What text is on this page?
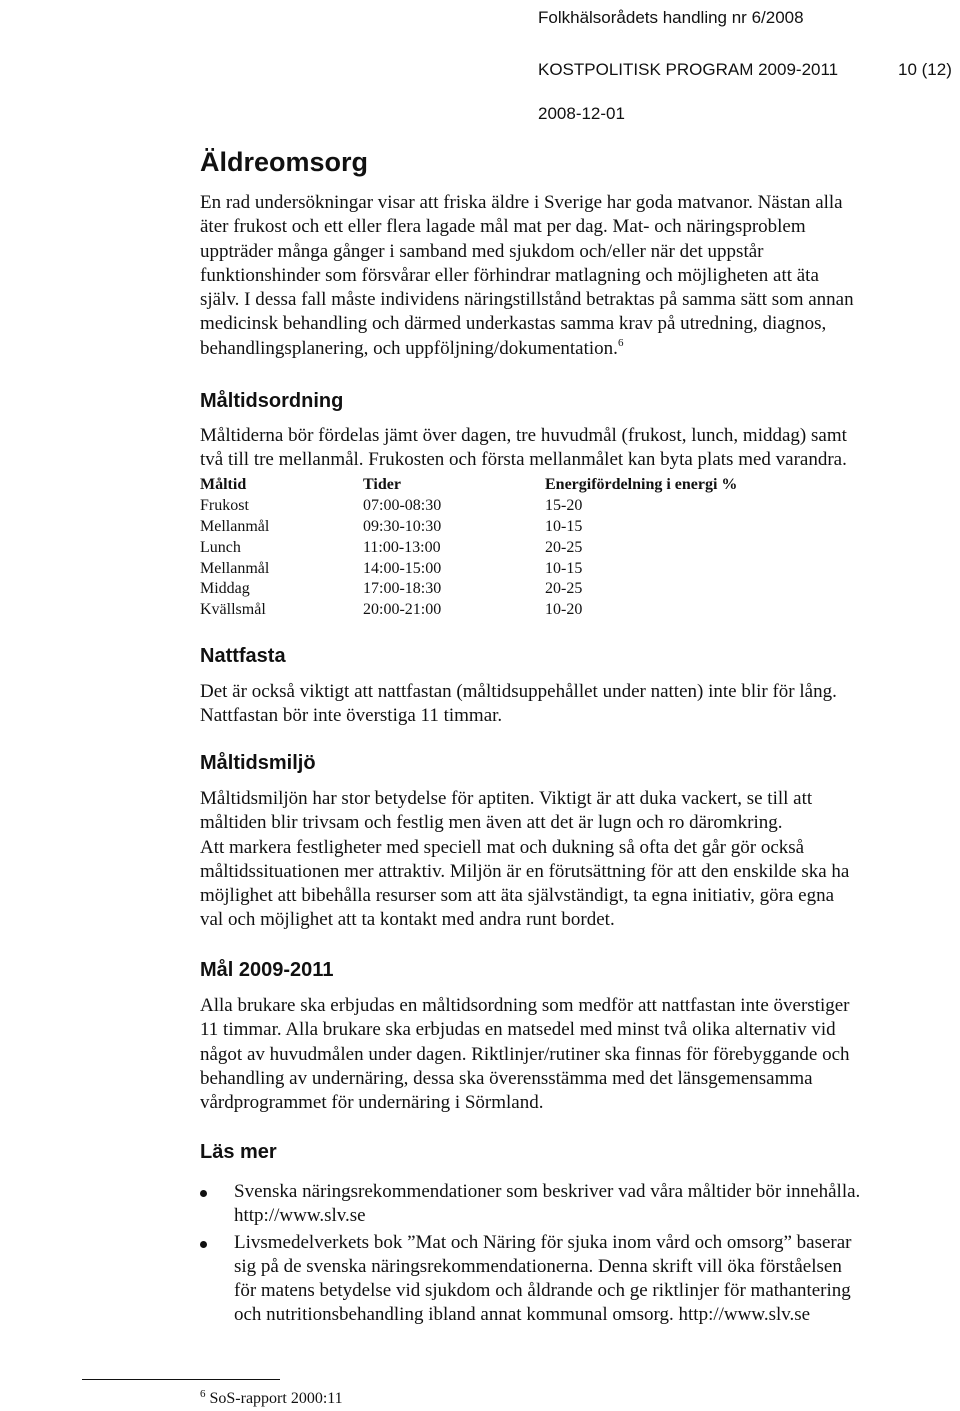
Folkhälsorådets handling nr 6/2008
KOSTPOLITISK PROGRAM 2009-2011	10 (12)
2008-12-01
Äldreomsorg
En rad undersökningar visar att friska äldre i Sverige har goda matvanor. Nästan alla
äter frukost och ett eller flera lagade mål mat per dag. Mat- och näringsproblem
uppträder många gånger i samband med sjukdom och/eller när det uppstår
funktionshinder som försvårar eller förhindrar matlagning och möjligheten att äta
själv. I dessa fall måste individens näringstillstånd betraktas på samma sätt som annan
medicinsk behandling och därmed underkastas samma krav på utredning, diagnos,
behandlingsplanering, och uppföljning/dokumentation.$^6$
Måltidsordning
Måltiderna bör fördelas jämt över dagen, tre huvudmål (frukost, lunch, middag) samt
två till tre mellanmål. Frukosten och första mellanmålet kan byta plats med varandra.
Måltid	Tider	Energifördelning i energi %
Frukost	07:00-08:30	15-20
Mellanmål	09:30-10:30	10-15
Lunch	11:00-13:00	20-25
Mellanmål	14:00-15:00	10-15
Middag	17:00-18:30	20-25
Kvällsmål	20:00-21:00	10-20
Nattfasta
Det är också viktigt att nattfastan (måltidsuppehållet under natten) inte blir för lång.
Nattfastan bör inte överstiga 11 timmar.
Måltidsmiljö
Måltidsmiljön har stor betydelse för aptiten. Viktigt är att duka vackert, se till att
måltiden blir trivsam och festlig men även att det är lugn och ro däromkring.
Att markera festligheter med speciell mat och dukning så ofta det går gör också
måltidssituationen mer attraktiv. Miljön är en förutsättning för att den enskilde ska ha
möjlighet att bibehålla resurser som att äta självständigt, ta egna initiativ, göra egna
val och möjlighet att ta kontakt med andra runt bordet.
Mål 2009-2011
Alla brukare ska erbjudas en måltidsordning som medför att nattfastan inte överstiger
11 timmar. Alla brukare ska erbjudas en matsedel med minst två olika alternativ vid
något av huvudmålen under dagen. Riktlinjer/rutiner ska finnas för förebyggande och
behandling av undernäring, dessa ska överensstämma med det länsgemensamma
vårdprogrammet för undernäring i Sörmland.
Läs mer
Svenska näringsrekommendationer som beskriver vad våra måltider bör innehålla.
http://www.slv.se
Livsmedelverkets bok ”Mat och Näring för sjuka inom vård och omsorg” baserar
sig på de svenska näringsrekommendationerna. Denna skrift vill öka förståelsen
för matens betydelse vid sjukdom och åldrande och ge riktlinjer för mathantering
och nutritionsbehandling ibland annat kommunal omsorg. http://www.slv.se
$^6$ SoS-rapport 2000:11
